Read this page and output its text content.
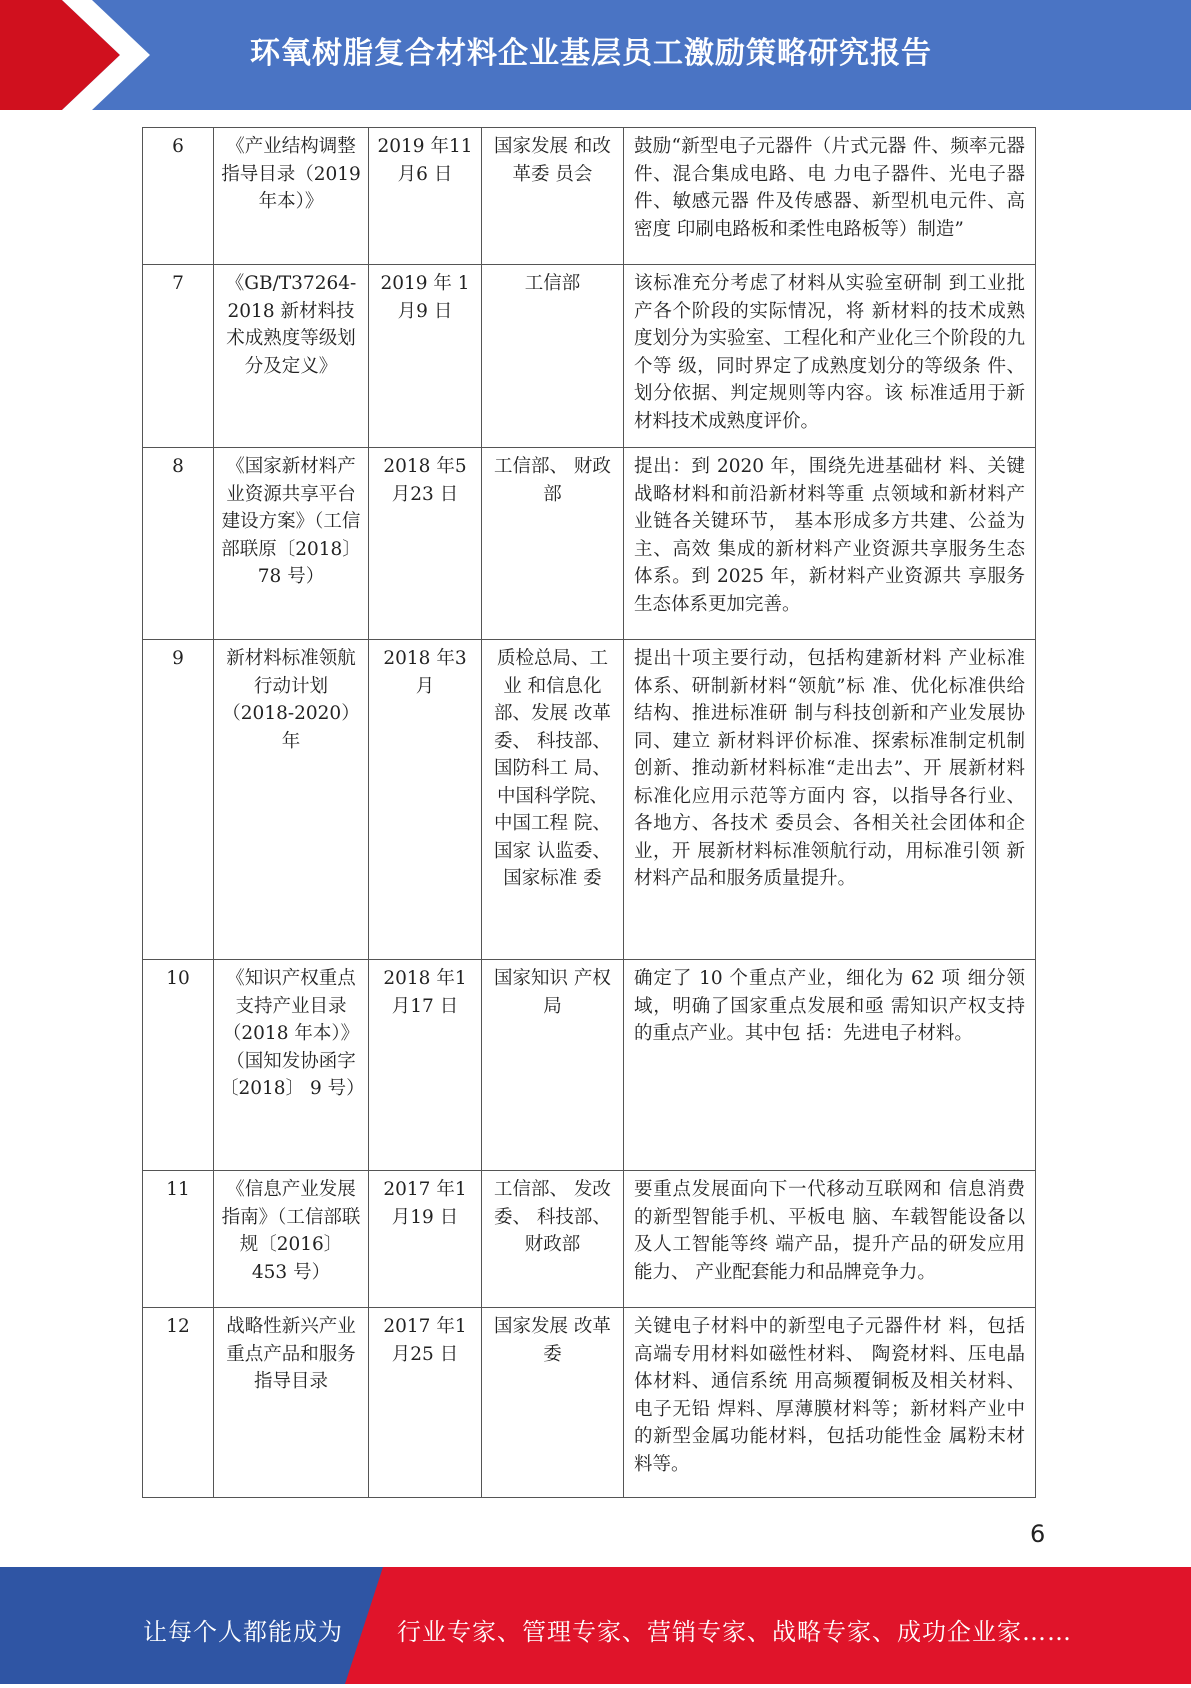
环氧树脂复合材料企业基层员工激励策略研究报告
6	《产业结构调整指导目录（2019 年本）》	2019 年11 月6 日	国家发展 和改革委 员会	鼓励“新型电子元器件（片式元器 件、频率元器件、混合集成电路、电 力电子器件、光电子器件、敏感元器 件及传感器、新型机电元件、高密度 印刷电路板和柔性电路板等）制造”
7	《GB/T37264-2018 新材料技术成熟度等级划分及定义》	2019 年 1月9 日	工信部	该标准充分考虑了材料从实验室研制 到工业批产各个阶段的实际情况，将 新材料的技术成熟度划分为实验室、工程化和产业化三个阶段的九个等 级，同时界定了成熟度划分的等级条 件、划分依据、判定规则等内容。该 标准适用于新材料技术成熟度评价。
8	《国家新材料产业资源共享平台建设方案》（工信部联原〔2018〕 78 号）	2018 年5 月23 日	工信部、 财政部	提出：到 2020 年，围绕先进基础材 料、关键战略材料和前沿新材料等重 点领域和新材料产业链各关键环节， 基本形成多方共建、公益为主、高效 集成的新材料产业资源共享服务生态 体系。到 2025 年，新材料产业资源共 享服务生态体系更加完善。
9	新材料标准领航行动计划（2018-2020）年	2018 年3 月	质检总局、工业 和信息化部、发展 改革委、 科技部、 国防科工 局、中国科学院、 中国工程 院、 国家 认监委、 国家标准 委	提出十项主要行动，包括构建新材料 产业标准体系、研制新材料“领航”标 准、优化标准供给结构、推进标准研 制与科技创新和产业发展协同、建立 新材料评价标准、探索标准制定机制 创新、推动新材料标准“走出去”、开 展新材料标准化应用示范等方面内 容，以指导各行业、各地方、各技术 委员会、各相关社会团体和企业，开 展新材料标准领航行动，用标准引领 新材料产品和服务质量提升。
10	《知识产权重点支持产业目录（2018 年本）》（国知发协函字〔2018〕 9 号）	2018 年1 月17 日	国家知识 产权局	确定了 10 个重点产业，细化为 62 项 细分领域，明确了国家重点发展和亟 需知识产权支持的重点产业。其中包 括：先进电子材料。
11	《信息产业发展指南》（工信部联规〔2016〕 453 号）	2017 年1 月19 日	工信部、 发改委、 科技部、 财政部	要重点发展面向下一代移动互联网和 信息消费的新型智能手机、平板电 脑、车载智能设备以及人工智能等终 端产品，提升产品的研发应用能力、 产业配套能力和品牌竞争力。
12	战略性新兴产业重点产品和服务指导目录	2017 年1 月25 日	国家发展 改革委	关键电子材料中的新型电子元器件材 料，包括高端专用材料如磁性材料、 陶瓷材料、压电晶体材料、通信系统 用高频覆铜板及相关材料、电子无铅 焊料、厚薄膜材料等；新材料产业中 的新型金属功能材料，包括功能性金 属粉末材料等。
6
让每个人都能成为 行业专家、管理专家、营销专家、战略专家、成功企业家……
